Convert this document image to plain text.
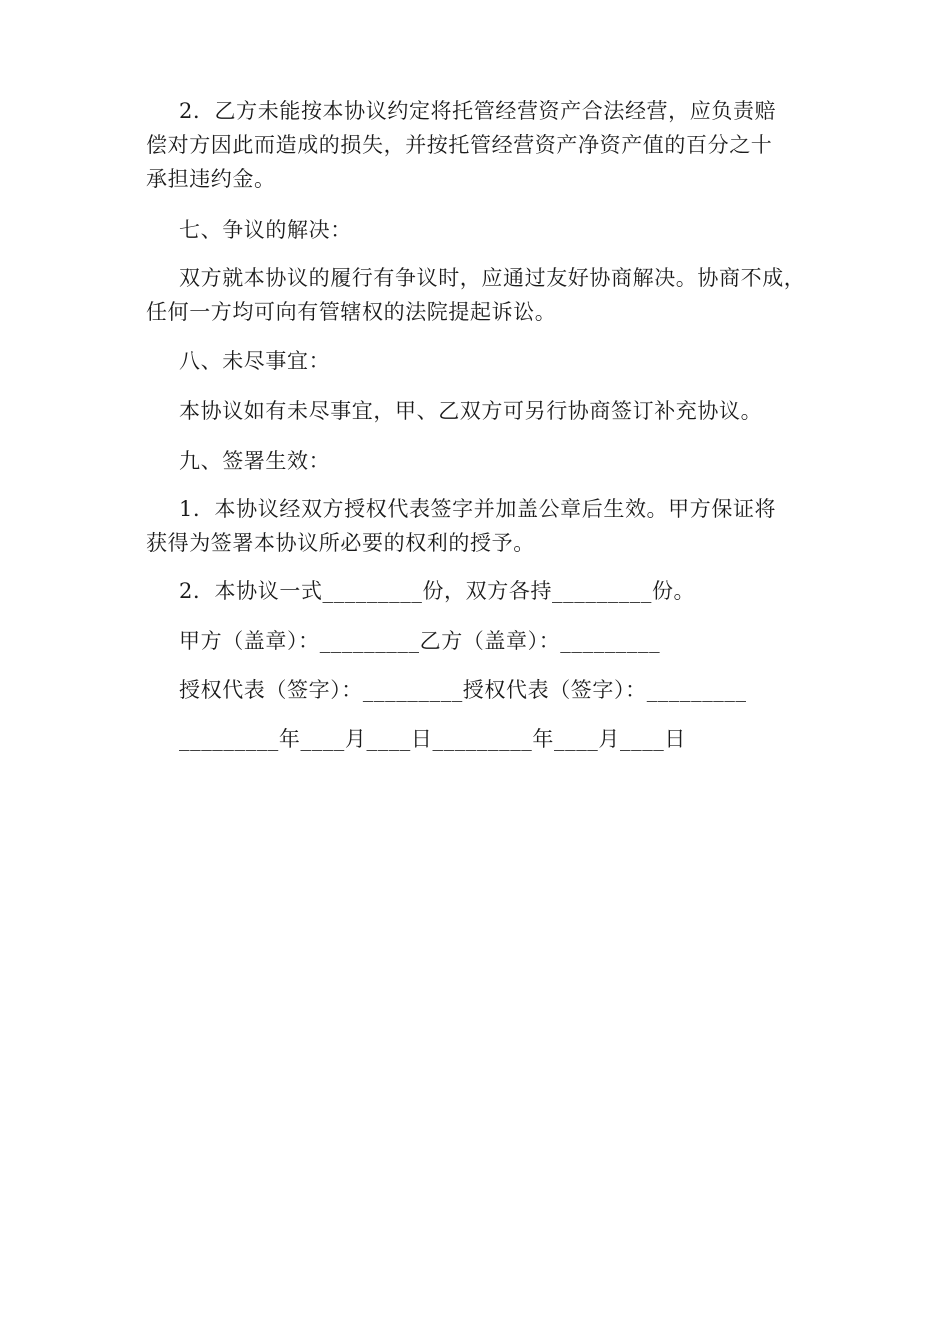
2．乙方未能按本协议约定将托管经营资产合法经营，应负责赔
偿对方因此而造成的损失，并按托管经营资产净资产值的百分之十
承担违约金。
七、争议的解决：
双方就本协议的履行有争议时，应通过友好协商解决。协商不成，
任何一方均可向有管辖权的法院提起诉讼。
八、未尽事宜：
本协议如有未尽事宜，甲、乙双方可另行协商签订补充协议。
九、签署生效：
1．本协议经双方授权代表签字并加盖公章后生效。甲方保证将
获得为签署本协议所必要的权利的授予。
2．本协议一式_________份，双方各持_________份。
甲方（盖章）：_________乙方（盖章）：_________
授权代表（签字）：_________授权代表（签字）：_________
_________年____月____日_________年____月____日
